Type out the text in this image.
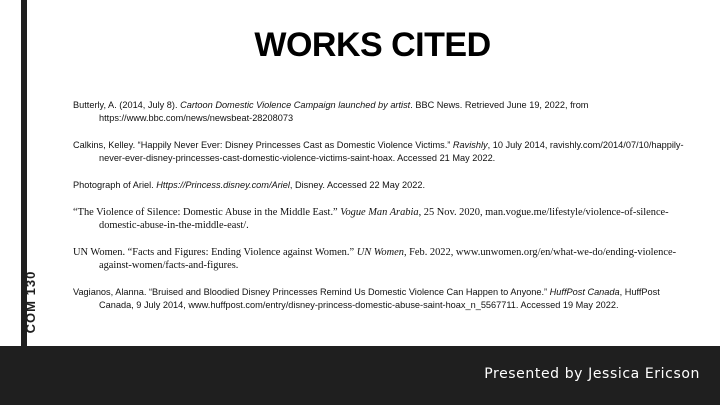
COM 130
WORKS CITED

Butterly, A. (2014, July 8). Cartoon Domestic Violence Campaign launched by artist. BBC News. Retrieved June 19, 2022, from https://www.bbc.com/news/newsbeat-28208073

Calkins, Kelley. “Happily Never Ever: Disney Princesses Cast as Domestic Violence Victims.” Ravishly, 10 July 2014, ravishly.com/2014/07/10/happily-never-ever-disney-princesses-cast-domestic-violence-victims-saint-hoax. Accessed 21 May 2022.

Photograph of Ariel. Https://Princess.disney.com/Ariel, Disney. Accessed 22 May 2022.

“The Violence of Silence: Domestic Abuse in the Middle East.” Vogue Man Arabia, 25 Nov. 2020, man.vogue.me/lifestyle/violence-of-silence-domestic-abuse-in-the-middle-east/.

UN Women. “Facts and Figures: Ending Violence against Women.” UN Women, Feb. 2022, www.unwomen.org/en/what-we-do/ending-violence-against-women/facts-and-figures.

Vagianos, Alanna. “Bruised and Bloodied Disney Princesses Remind Us Domestic Violence Can Happen to Anyone.” HuffPost Canada, HuffPost Canada, 9 July 2014, www.huffpost.com/entry/disney-princess-domestic-abuse-saint-hoax_n_5567711. Accessed 19 May 2022.

Presented by Jessica Ericson
